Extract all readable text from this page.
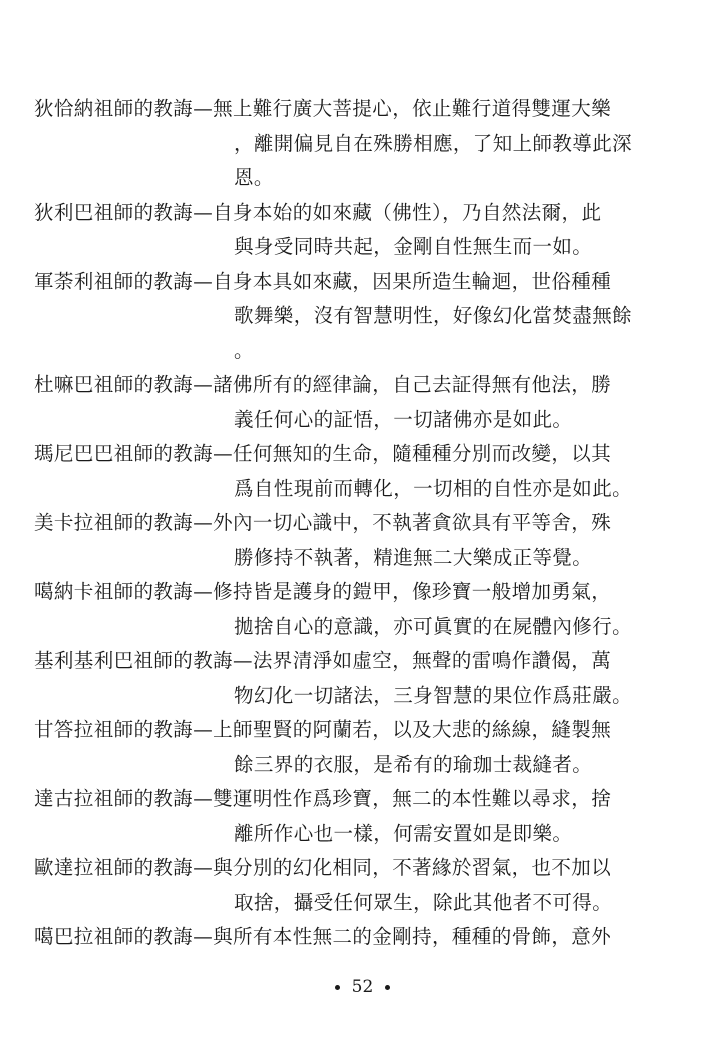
狄恰納祖師的教誨—無上難行廣大菩提心，依止難行道得雙運大樂
，離開偏見自在殊勝相應，了知上師教導此深
恩。
狄利巴祖師的教誨—自身本始的如來藏（佛性），乃自然法爾，此
與身受同時共起，金剛自性無生而一如。
軍荼利祖師的教誨—自身本具如來藏，因果所造生輪迴，世俗種種
歌舞樂，沒有智慧明性，好像幻化當焚盡無餘
。
杜嘛巴祖師的教誨—諸佛所有的經律論，自己去証得無有他法，勝
義任何心的証悟，一切諸佛亦是如此。
瑪尼巴巴祖師的教誨—任何無知的生命，隨種種分別而改變，以其
爲自性現前而轉化，一切相的自性亦是如此。
美卡拉祖師的教誨—外內一切心識中，不執著貪欲具有平等舍，殊
勝修持不執著，精進無二大樂成正等覺。
噶納卡祖師的教誨—修持皆是護身的鎧甲，像珍寶一般增加勇氣，
拋捨自心的意識，亦可眞實的在屍體內修行。
基利基利巴祖師的教誨—法界清淨如虛空，無聲的雷鳴作讚偈，萬
物幻化一切諸法，三身智慧的果位作爲莊嚴。
甘答拉祖師的教誨—上師聖賢的阿蘭若，以及大悲的絲線，縫製無
餘三界的衣服，是希有的瑜珈士裁縫者。
達古拉祖師的教誨—雙運明性作爲珍寶，無二的本性難以尋求，捨
離所作心也一樣，何需安置如是即樂。
歐達拉祖師的教誨—與分別的幻化相同，不著緣於習氣，也不加以
取捨，攝受任何眾生，除此其他者不可得。
噶巴拉祖師的教誨—與所有本性無二的金剛持，種種的骨飾，意外
52
